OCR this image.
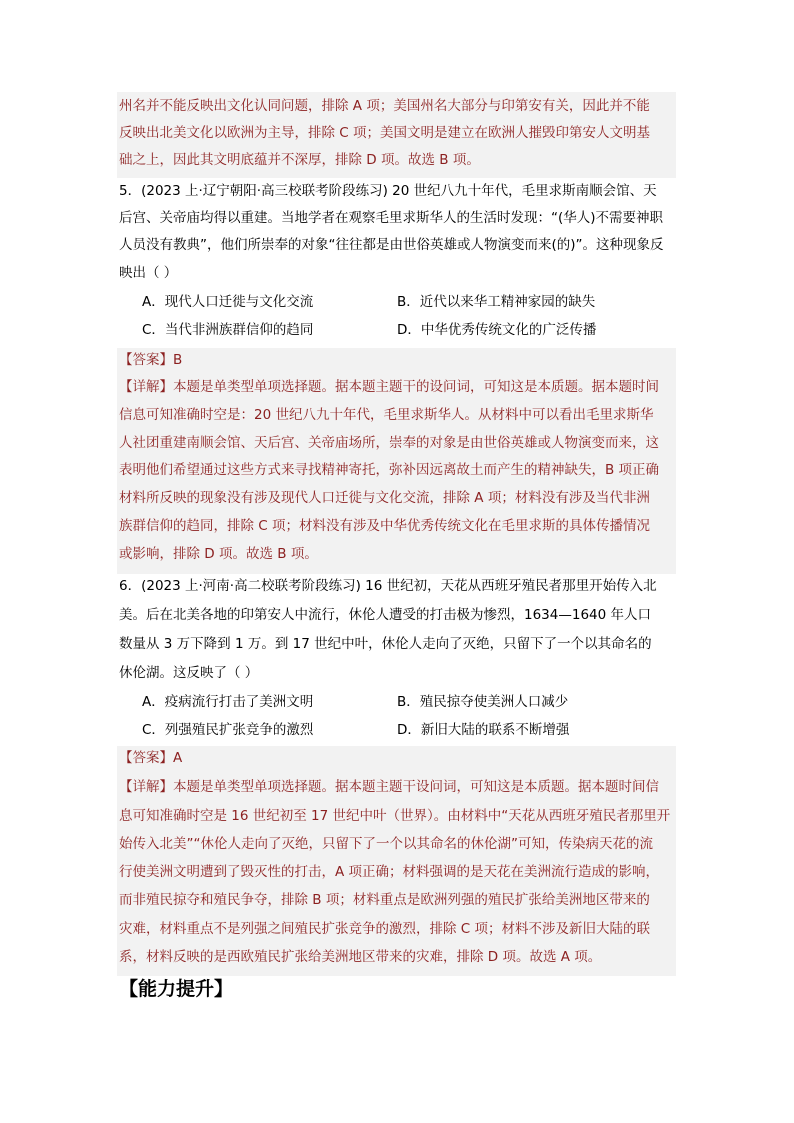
州名并不能反映出文化认同问题，排除 A 项；美国州名大部分与印第安有关，因此并不能
反映出北美文化以欧洲为主导，排除 C 项；美国文明是建立在欧洲人摧毁印第安人文明基
础之上，因此其文明底蕴并不深厚，排除 D 项。故选 B 项。
5．(2023 上·辽宁朝阳·高三校联考阶段练习) 20 世纪八九十年代，毛里求斯南顺会馆、天
后宫、关帝庙均得以重建。当地学者在观察毛里求斯华人的生活时发现：“(华人)不需要神职
人员没有教典”，他们所崇奉的对象“往往都是由世俗英雄或人物演变而来(的)”。这种现象反
映出（ ）
A．现代人口迁徙与文化交流	B．近代以来华工精神家园的缺失
C．当代非洲族群信仰的趋同	D．中华优秀传统文化的广泛传播
【答案】B
【详解】本题是单类型单项选择题。据本题主题干的设问词，可知这是本质题。据本题时间
信息可知准确时空是：20 世纪八九十年代，毛里求斯华人。从材料中可以看出毛里求斯华
人社团重建南顺会馆、天后宫、关帝庙场所，崇奉的对象是由世俗英雄或人物演变而来，这
表明他们希望通过这些方式来寻找精神寄托，弥补因远离故土而产生的精神缺失，B 项正确
材料所反映的现象没有涉及现代人口迁徙与文化交流，排除 A 项；材料没有涉及当代非洲
族群信仰的趋同，排除 C 项；材料没有涉及中华优秀传统文化在毛里求斯的具体传播情况
或影响，排除 D 项。故选 B 项。
6．(2023 上·河南·高二校联考阶段练习) 16 世纪初，天花从西班牙殖民者那里开始传入北
美。后在北美各地的印第安人中流行，休伦人遭受的打击极为惨烈，1634—1640 年人口
数量从 3 万下降到 1 万。到 17 世纪中叶，休伦人走向了灭绝，只留下了一个以其命名的
休伦湖。这反映了（ ）
A．疫病流行打击了美洲文明	B．殖民掠夺使美洲人口减少
C．列强殖民扩张竞争的激烈	D．新旧大陆的联系不断增强
【答案】A
【详解】本题是单类型单项选择题。据本题主题干设问词，可知这是本质题。据本题时间信
息可知准确时空是 16 世纪初至 17 世纪中叶（世界）。由材料中“天花从西班牙殖民者那里开
始传入北美”“休伦人走向了灭绝，只留下了一个以其命名的休伦湖”可知，传染病天花的流
行使美洲文明遭到了毁灭性的打击，A 项正确；材料强调的是天花在美洲流行造成的影响，
而非殖民掠夺和殖民争夺，排除 B 项；材料重点是欧洲列强的殖民扩张给美洲地区带来的
灾难，材料重点不是列强之间殖民扩张竞争的激烈，排除 C 项；材料不涉及新旧大陆的联
系，材料反映的是西欧殖民扩张给美洲地区带来的灾难，排除 D 项。故选 A 项。
【能力提升】
